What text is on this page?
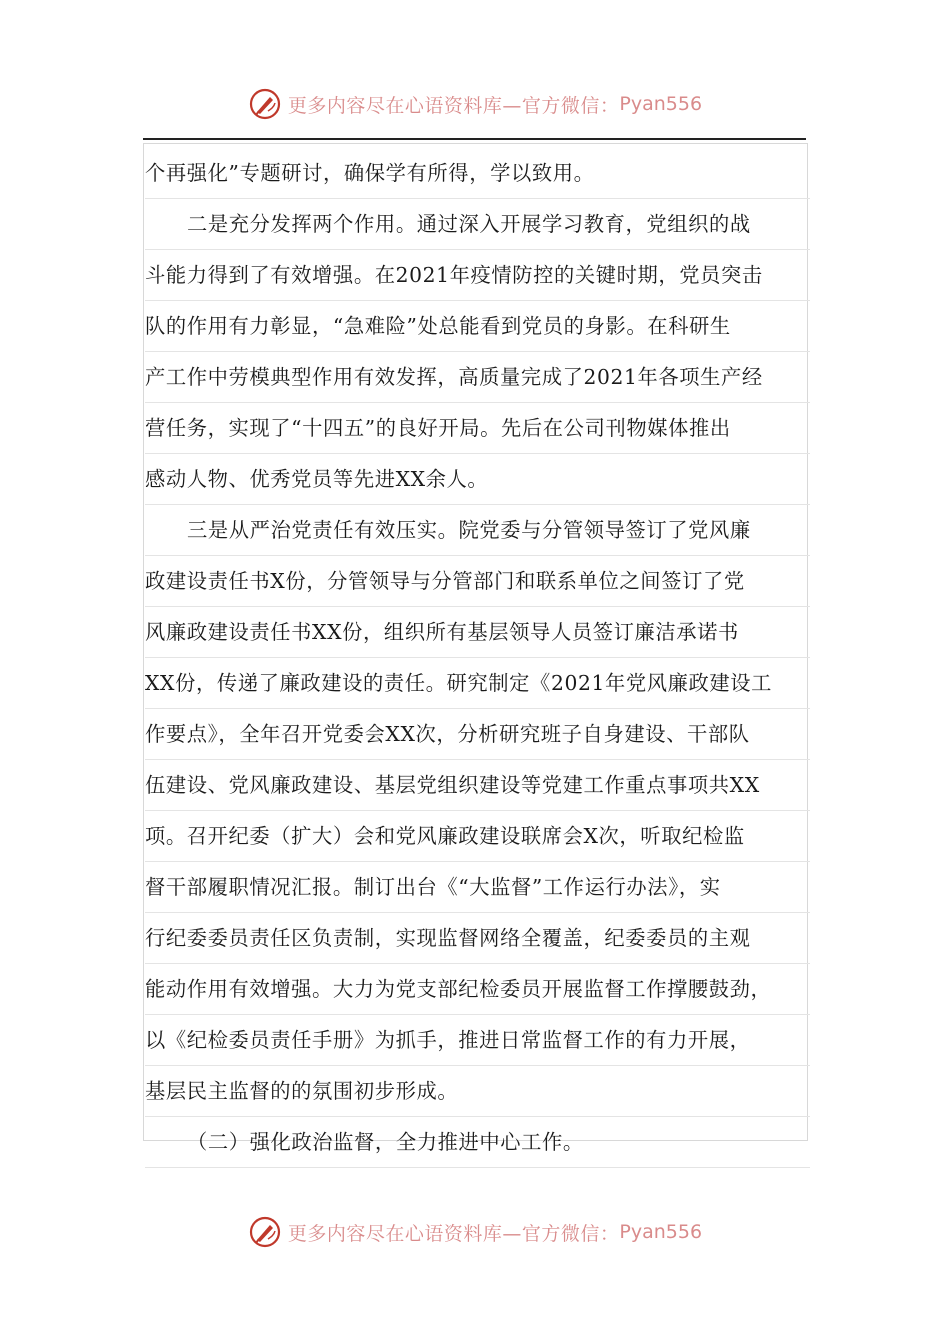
更多内容尽在心语资料库—官方微信： Pyan556
个再强化”专题研讨，确保学有所得，学以致用。
二是充分发挥两个作用。通过深入开展学习教育，党组织的战
斗能力得到了有效增强。在2021年疫情防控的关键时期，党员突击
队的作用有力彰显，“急难险”处总能看到党员的身影。在科研生
产工作中劳模典型作用有效发挥，高质量完成了2021年各项生产经
营任务，实现了“十四五”的良好开局。先后在公司刊物媒体推出
感动人物、优秀党员等先进XX余人。
三是从严治党责任有效压实。院党委与分管领导签订了党风廉
政建设责任书X份，分管领导与分管部门和联系单位之间签订了党
风廉政建设责任书XX份，组织所有基层领导人员签订廉洁承诺书
XX份，传递了廉政建设的责任。研究制定《2021年党风廉政建设工
作要点》，全年召开党委会XX次，分析研究班子自身建设、干部队
伍建设、党风廉政建设、基层党组织建设等党建工作重点事项共XX
项。召开纪委（扩大）会和党风廉政建设联席会X次，听取纪检监
督干部履职情况汇报。制订出台《“大监督”工作运行办法》，实
行纪委委员责任区负责制，实现监督网络全覆盖，纪委委员的主观
能动作用有效增强。大力为党支部纪检委员开展监督工作撑腰鼓劲，
以《纪检委员责任手册》为抓手，推进日常监督工作的有力开展，
基层民主监督的的氛围初步形成。
（二）强化政治监督，全力推进中心工作。
更多内容尽在心语资料库—官方微信： Pyan556
